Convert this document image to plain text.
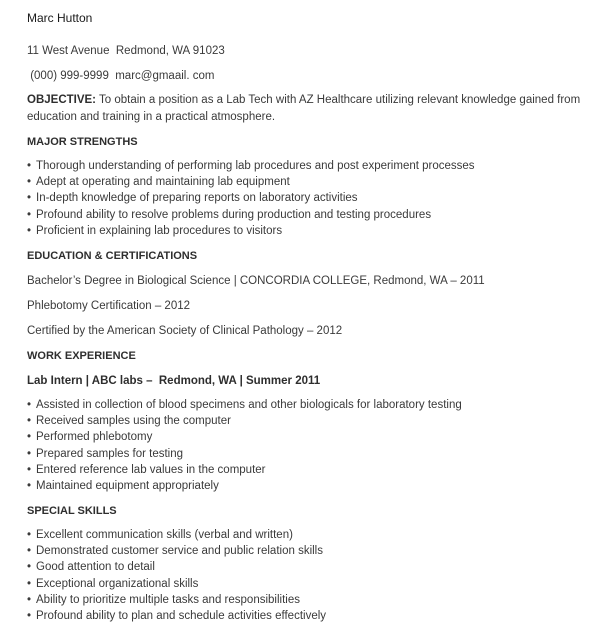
Marc Hutton
11 West Avenue  Redmond, WA 91023
(000) 999-9999  marc@gmaail. com
OBJECTIVE: To obtain a position as a Lab Tech with AZ Healthcare utilizing relevant knowledge gained from education and training in a practical atmosphere.
MAJOR STRENGTHS
• Thorough understanding of performing lab procedures and post experiment processes
• Adept at operating and maintaining lab equipment
• In-depth knowledge of preparing reports on laboratory activities
• Profound ability to resolve problems during production and testing procedures
• Proficient in explaining lab procedures to visitors
EDUCATION & CERTIFICATIONS
Bachelor’s Degree in Biological Science | CONCORDIA COLLEGE, Redmond, WA – 2011
Phlebotomy Certification – 2012
Certified by the American Society of Clinical Pathology – 2012
WORK EXPERIENCE
Lab Intern | ABC labs –  Redmond, WA | Summer 2011
• Assisted in collection of blood specimens and other biologicals for laboratory testing
• Received samples using the computer
• Performed phlebotomy
• Prepared samples for testing
• Entered reference lab values in the computer
• Maintained equipment appropriately
SPECIAL SKILLS
• Excellent communication skills (verbal and written)
• Demonstrated customer service and public relation skills
• Good attention to detail
• Exceptional organizational skills
• Ability to prioritize multiple tasks and responsibilities
• Profound ability to plan and schedule activities effectively
